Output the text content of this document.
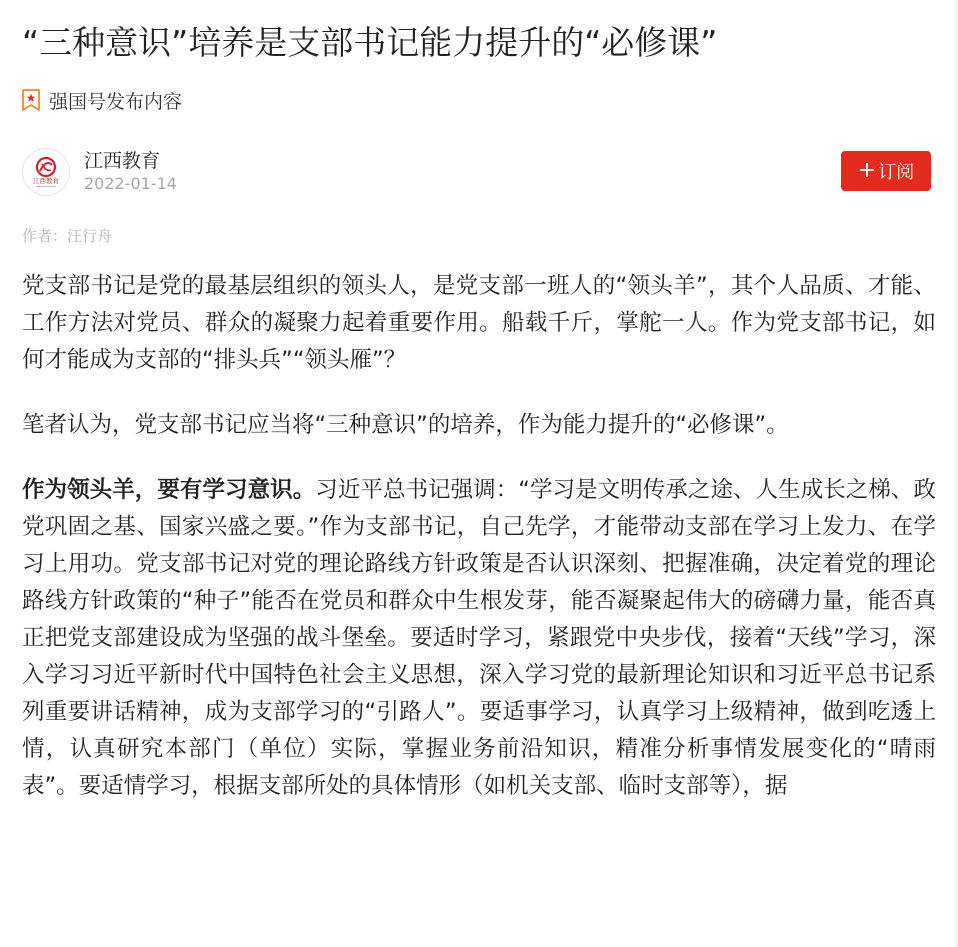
“三种意识”培养是支部书记能力提升的“必修课”
强国号发布内容
江西教育
江西教育
2022-01-14
+ 订阅
作者：汪行舟

党支部书记是党的最基层组织的领头人，是党支部一班人的“领头羊”，其个人品质、才能、工作方法对党员、群众的凝聚力起着重要作用。船载千斤，掌舵一人。作为党支部书记，如何才能成为支部的“排头兵”“领头雁”？

笔者认为，党支部书记应当将“三种意识”的培养，作为能力提升的“必修课”。

作为领头羊，要有学习意识。习近平总书记强调：“学习是文明传承之途、人生成长之梯、政党巩固之基、国家兴盛之要。”作为支部书记，自己先学，才能带动支部在学习上发力、在学习上用功。党支部书记对党的理论路线方针政策是否认识深刻、把握准确，决定着党的理论路线方针政策的“种子”能否在党员和群众中生根发芽，能否凝聚起伟大的磅礴力量，能否真正把党支部建设成为坚强的战斗堡垒。要适时学习，紧跟党中央步伐，接着“天线”学习，深入学习习近平新时代中国特色社会主义思想，深入学习党的最新理论知识和习近平总书记系列重要讲话精神，成为支部学习的“引路人”。要适事学习，认真学习上级精神，做到吃透上情，认真研究本部门（单位）实际，掌握业务前沿知识，精准分析事情发展变化的“晴雨表”。要适情学习，根据支部所处的具体情形（如机关支部、临时支部等），据
